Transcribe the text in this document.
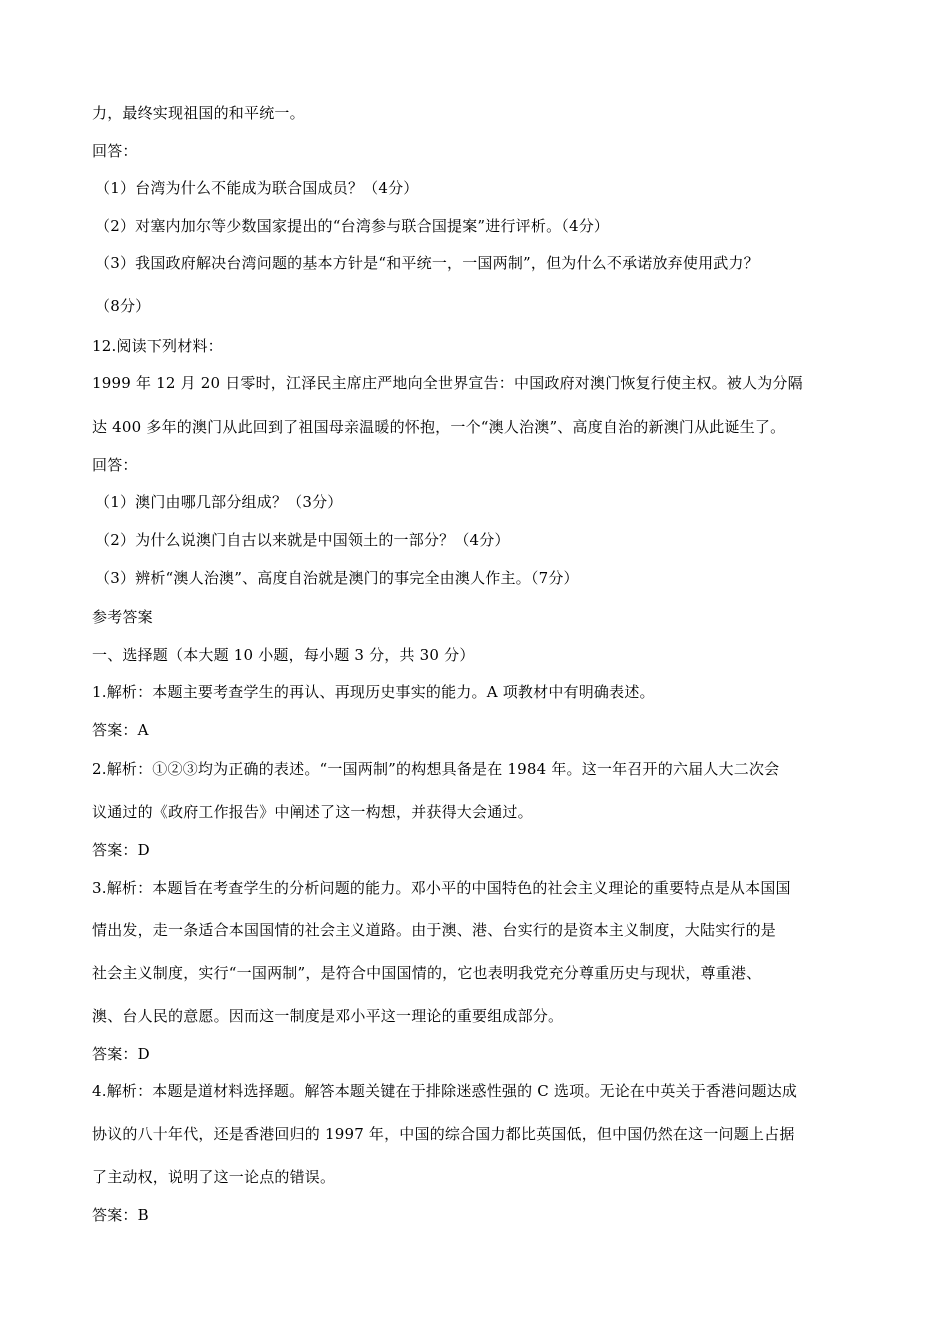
力，最终实现祖国的和平统一。
回答：
（1）台湾为什么不能成为联合国成员？（4分）
（2）对塞内加尔等少数国家提出的“台湾参与联合国提案”进行评析。（4分）
（3）我国政府解决台湾问题的基本方针是“和平统一，一国两制”，但为什么不承诺放弃使用武力？
（8分）
12.阅读下列材料：
1999 年 12 月 20 日零时，江泽民主席庄严地向全世界宣告：中国政府对澳门恢复行使主权。被人为分隔
达 400 多年的澳门从此回到了祖国母亲温暖的怀抱，一个“澳人治澳”、高度自治的新澳门从此诞生了。
回答：
（1）澳门由哪几部分组成？（3分）
（2）为什么说澳门自古以来就是中国领土的一部分？（4分）
（3）辨析“澳人治澳”、高度自治就是澳门的事完全由澳人作主。（7分）
参考答案
一、选择题（本大题 10 小题，每小题 3 分，共 30 分）
1.解析：本题主要考查学生的再认、再现历史事实的能力。A 项教材中有明确表述。
答案：A
2.解析：①②③均为正确的表述。“一国两制”的构想具备是在 1984 年。这一年召开的六届人大二次会
议通过的《政府工作报告》中阐述了这一构想，并获得大会通过。
答案：D
3.解析：本题旨在考查学生的分析问题的能力。邓小平的中国特色的社会主义理论的重要特点是从本国国
情出发，走一条适合本国国情的社会主义道路。由于澳、港、台实行的是资本主义制度，大陆实行的是
社会主义制度，实行“一国两制”，是符合中国国情的，它也表明我党充分尊重历史与现状，尊重港、
澳、台人民的意愿。因而这一制度是邓小平这一理论的重要组成部分。
答案：D
4.解析：本题是道材料选择题。解答本题关键在于排除迷惑性强的 C 选项。无论在中英关于香港问题达成
协议的八十年代，还是香港回归的 1997 年，中国的综合国力都比英国低，但中国仍然在这一问题上占据
了主动权，说明了这一论点的错误。
答案：B
